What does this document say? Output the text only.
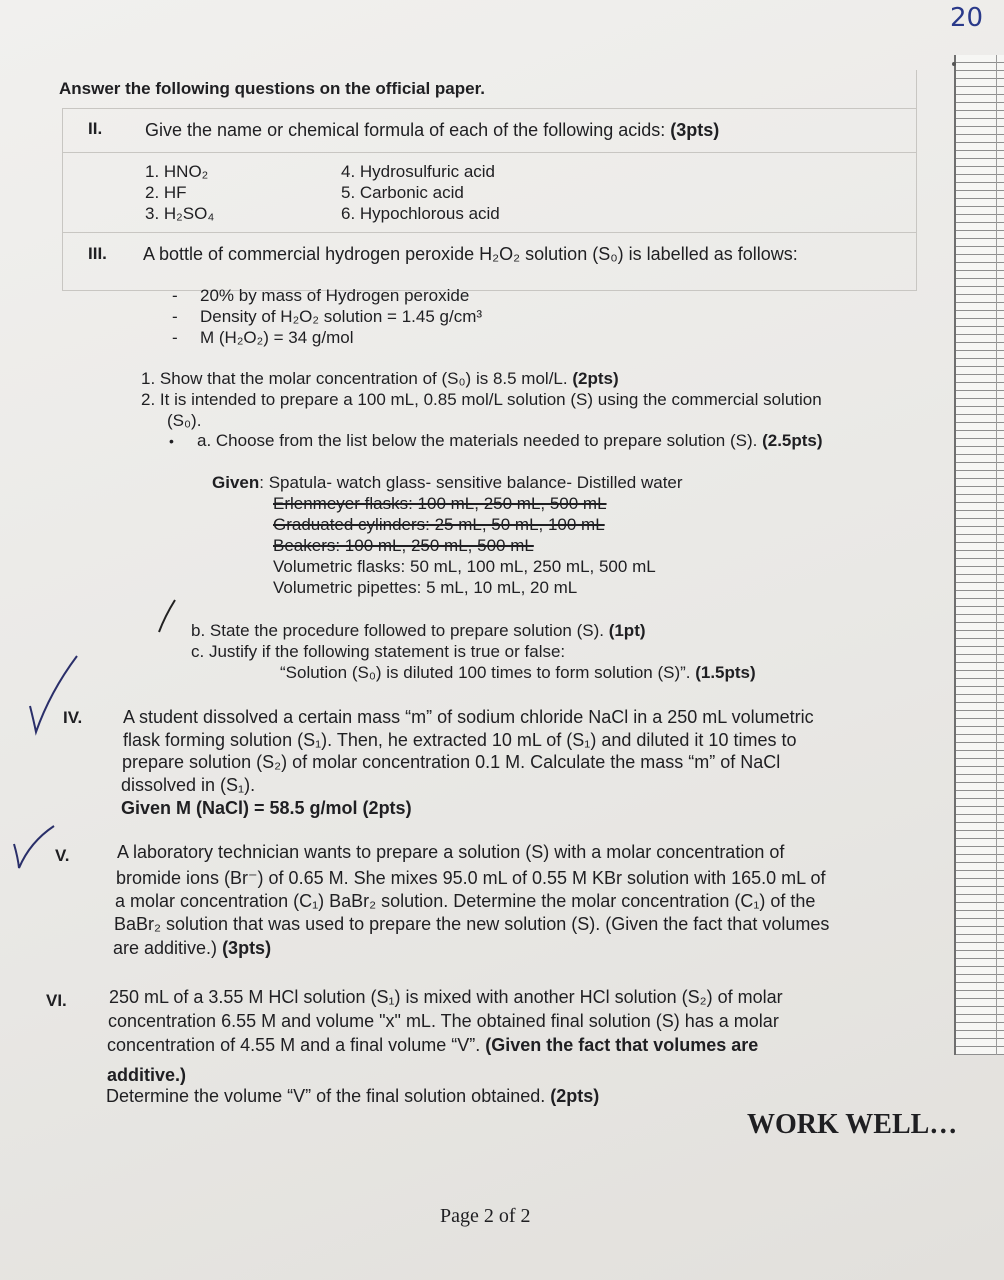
20
Answer the following questions on the official paper.
II. Give the name or chemical formula of each of the following acids: (3pts)
1. HNO₂
2. HF
3. H₂SO₄
4. Hydrosulfuric acid
5. Carbonic acid
6. Hypochlorous acid
III. A bottle of commercial hydrogen peroxide H₂O₂ solution (S₀) is labelled as follows:
-
-
-
20% by mass of Hydrogen peroxide
Density of H₂O₂ solution = 1.45 g/cm³
M (H₂O₂) = 34 g/mol
1. Show that the molar concentration of (S₀) is 8.5 mol/L. (2pts)
2. It is intended to prepare a 100 mL, 0.85 mol/L solution (S) using the commercial solution
(S₀).
• a. Choose from the list below the materials needed to prepare solution (S). (2.5pts)
Given: Spatula- watch glass- sensitive balance- Distilled water
Erlenmeyer flasks: 100 mL, 250 mL, 500 mL
Graduated cylinders: 25 mL, 50 mL, 100 mL
Beakers: 100 mL, 250 mL, 500 mL
Volumetric flasks: 50 mL, 100 mL, 250 mL, 500 mL
Volumetric pipettes: 5 mL, 10 mL, 20 mL
b. State the procedure followed to prepare solution (S). (1pt)
c. Justify if the following statement is true or false:
“Solution (S₀) is diluted 100 times to form solution (S)”. (1.5pts)
IV. A student dissolved a certain mass “m” of sodium chloride NaCl in a 250 mL volumetric
flask forming solution (S₁). Then, he extracted 10 mL of (S₁) and diluted it 10 times to
prepare solution (S₂) of molar concentration 0.1 M. Calculate the mass “m” of NaCl
dissolved in (S₁).
Given M (NaCl) = 58.5 g/mol (2pts)
V.	A laboratory technician wants to prepare a solution (S) with a molar concentration of
bromide ions (Br⁻) of 0.65 M. She mixes 95.0 mL of 0.55 M KBr solution with 165.0 mL of
a molar concentration (C₁) BaBr₂ solution. Determine the molar concentration (C₁) of the
BaBr₂ solution that was used to prepare the new solution (S). (Given the fact that volumes
are additive.) (3pts)
VI. 250 mL of a 3.55 M HCl solution (S₁) is mixed with another HCl solution (S₂) of molar
concentration 6.55 M and volume "x" mL. The obtained final solution (S) has a molar
concentration of 4.55 M and a final volume “V”. (Given the fact that volumes are
additive.)
Determine the volume “V” of the final solution obtained. (2pts)
WORK WELL…
Page 2 of 2
